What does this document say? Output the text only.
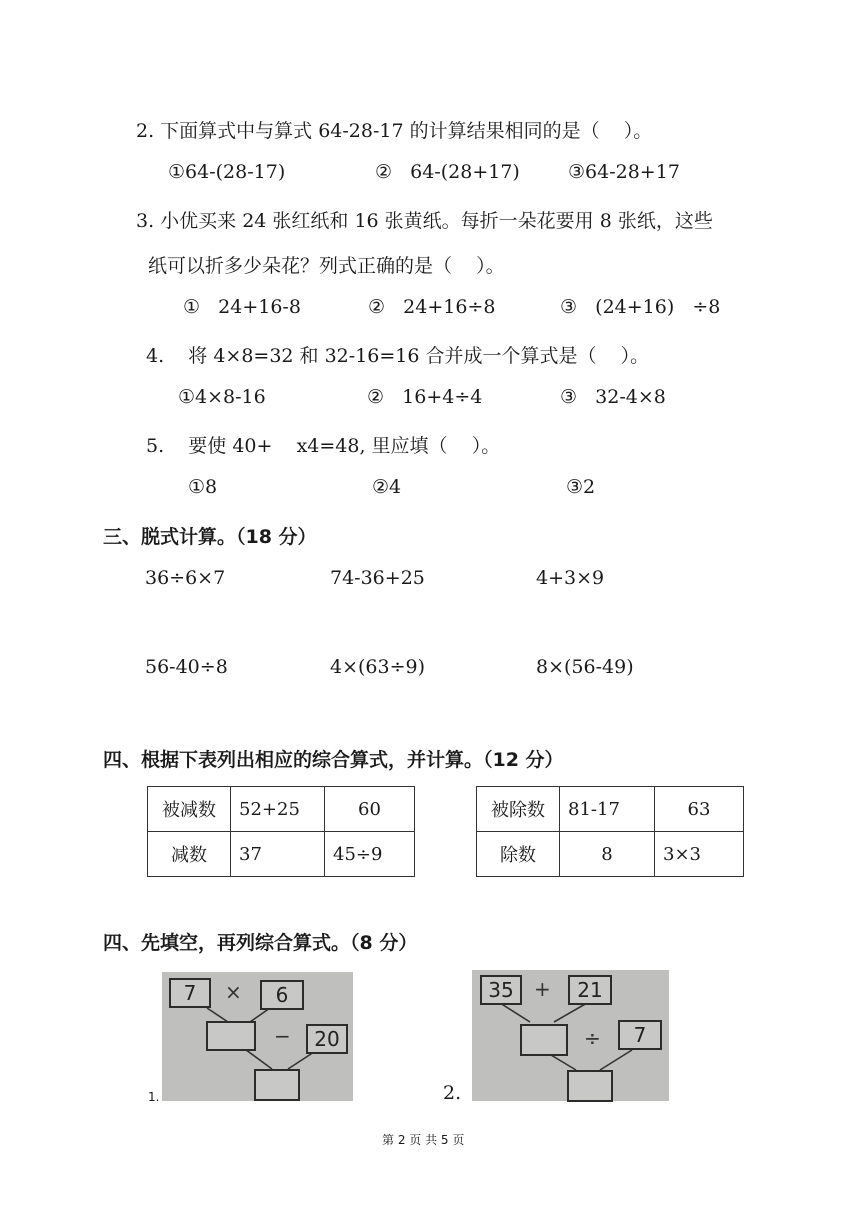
2. 下面算式中与算式 64-28-17 的计算结果相同的是（    ）。
①64-(28-17)	②   64-(28+17)	③64-28+17
3. 小优买来 24 张红纸和 16 张黄纸。每折一朵花要用 8 张纸，这些
纸可以折多少朵花？列式正确的是（    ）。
①   24+16-8	②   24+16÷8	③   (24+16)   ÷8
4.    将 4×8=32 和 32-16=16 合并成一个算式是（    ）。
①4×8-16	②   16+4÷4	③   32-4×8
5.    要使 40+    x4=48, 里应填（    ）。
①8	②4	③2
三、脱式计算。（18 分）
36÷6×7	74-36+25	4+3×9
56-40÷8	4×(63÷9)	8×(56-49)
四、根据下表列出相应的综合算式，并计算。（12 分）
被减数	52+25	60
减数	37	45÷9
被除数	81-17	63
除数	8	3×3
四、先填空，再列综合算式。（8 分）
1.
7	×	6
−	20
2.
35	+	21
÷	7
第 2 页 共 5 页
